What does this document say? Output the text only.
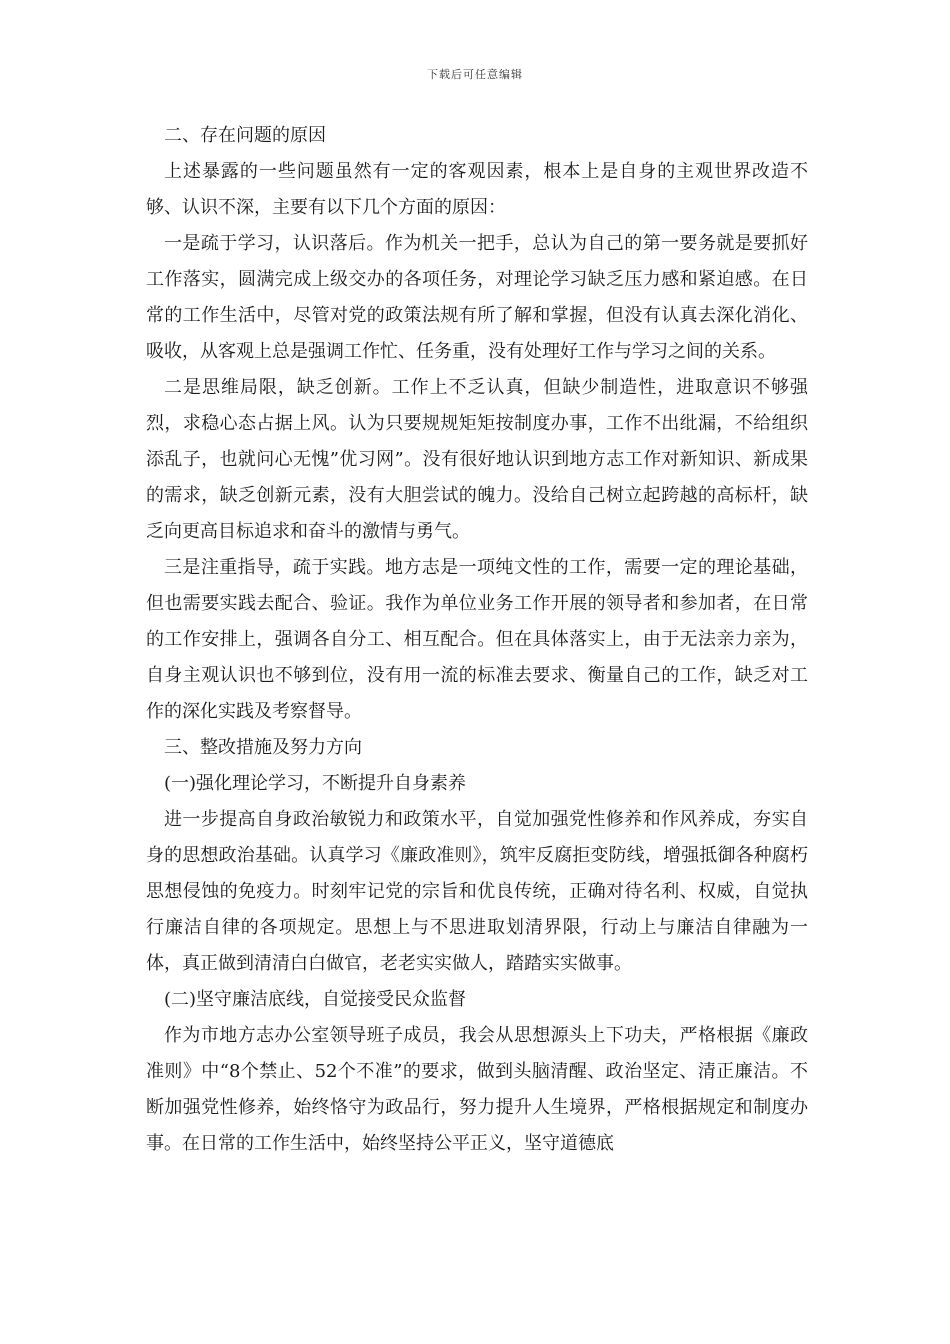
下载后可任意编辑

二、存在问题的原因

上述暴露的一些问题虽然有一定的客观因素，根本上是自身的主观世界改造不够、认识不深，主要有以下几个方面的原因：

一是疏于学习，认识落后。作为机关一把手，总认为自己的第一要务就是要抓好工作落实，圆满完成上级交办的各项任务，对理论学习缺乏压力感和紧迫感。在日常的工作生活中，尽管对党的政策法规有所了解和掌握，但没有认真去深化消化、吸收，从客观上总是强调工作忙、任务重，没有处理好工作与学习之间的关系。

二是思维局限，缺乏创新。工作上不乏认真，但缺少制造性，进取意识不够强烈，求稳心态占据上风。认为只要规规矩矩按制度办事，工作不出纰漏，不给组织添乱子，也就问心无愧”优习网”。没有很好地认识到地方志工作对新知识、新成果的需求，缺乏创新元素，没有大胆尝试的魄力。没给自己树立起跨越的高标杆，缺乏向更高目标追求和奋斗的激情与勇气。

三是注重指导，疏于实践。地方志是一项纯文性的工作，需要一定的理论基础，但也需要实践去配合、验证。我作为单位业务工作开展的领导者和参加者，在日常的工作安排上，强调各自分工、相互配合。但在具体落实上，由于无法亲力亲为，自身主观认识也不够到位，没有用一流的标准去要求、衡量自己的工作，缺乏对工作的深化实践及考察督导。

三、整改措施及努力方向

(一)强化理论学习，不断提升自身素养

进一步提高自身政治敏锐力和政策水平，自觉加强党性修养和作风养成，夯实自身的思想政治基础。认真学习《廉政准则》，筑牢反腐拒变防线，增强抵御各种腐朽思想侵蚀的免疫力。时刻牢记党的宗旨和优良传统，正确对待名利、权威，自觉执行廉洁自律的各项规定。思想上与不思进取划清界限，行动上与廉洁自律融为一体，真正做到清清白白做官，老老实实做人，踏踏实实做事。

(二)坚守廉洁底线，自觉接受民众监督

作为市地方志办公室领导班子成员，我会从思想源头上下功夫，严格根据《廉政准则》中“8个禁止、52个不准”的要求，做到头脑清醒、政治坚定、清正廉洁。不断加强党性修养，始终恪守为政品行，努力提升人生境界，严格根据规定和制度办事。在日常的工作生活中，始终坚持公平正义，坚守道德底
